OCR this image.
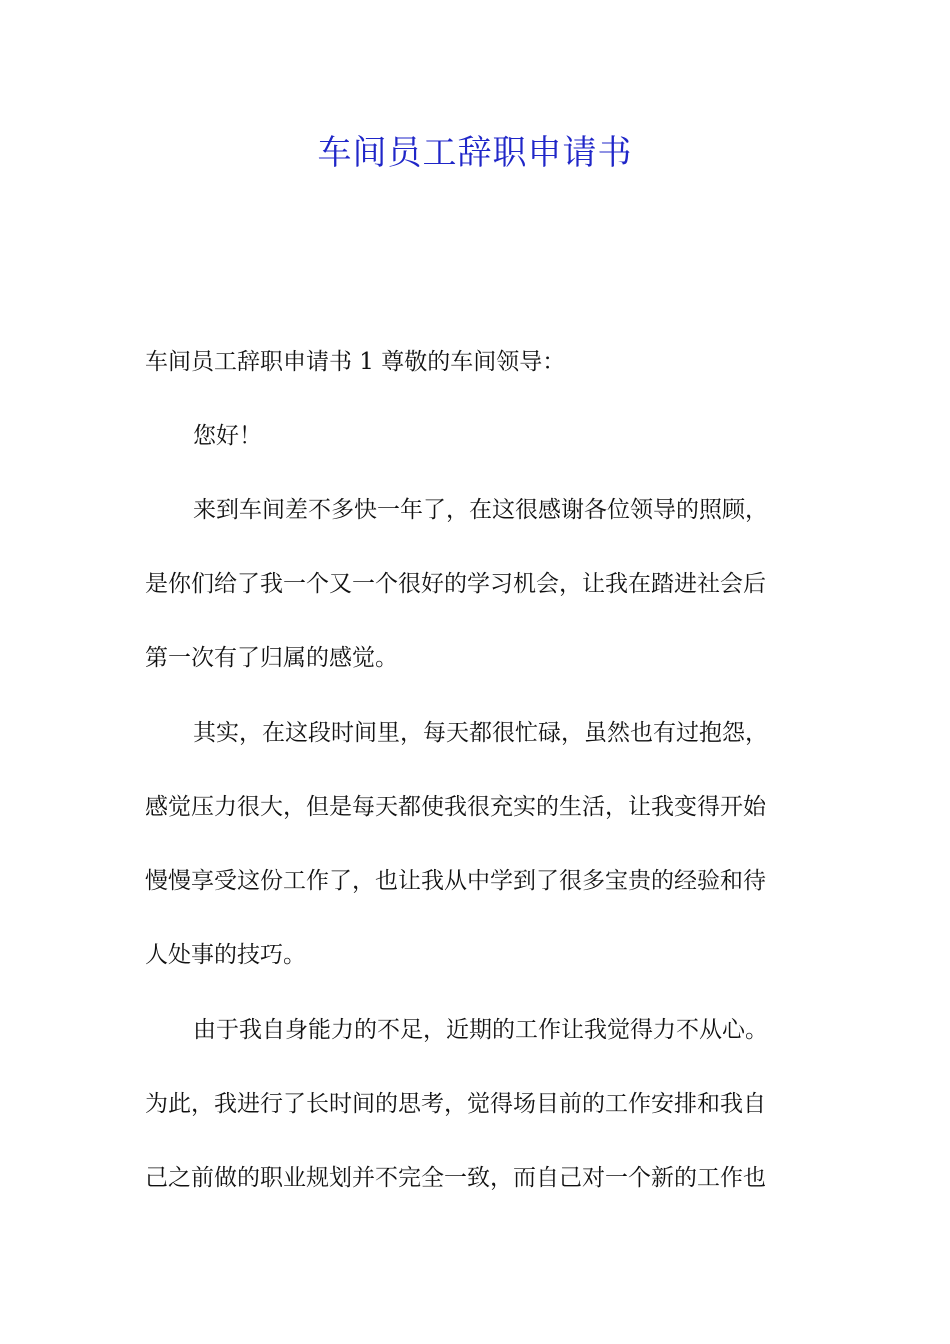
车间员工辞职申请书
车间员工辞职申请书 1 尊敬的车间领导：
您好！
来到车间差不多快一年了，在这很感谢各位领导的照顾，
是你们给了我一个又一个很好的学习机会，让我在踏进社会后
第一次有了归属的感觉。
其实，在这段时间里，每天都很忙碌，虽然也有过抱怨，
感觉压力很大，但是每天都使我很充实的生活，让我变得开始
慢慢享受这份工作了，也让我从中学到了很多宝贵的经验和待
人处事的技巧。
由于我自身能力的不足，近期的工作让我觉得力不从心。
为此，我进行了长时间的思考，觉得场目前的工作安排和我自
己之前做的职业规划并不完全一致，而自己对一个新的工作也
